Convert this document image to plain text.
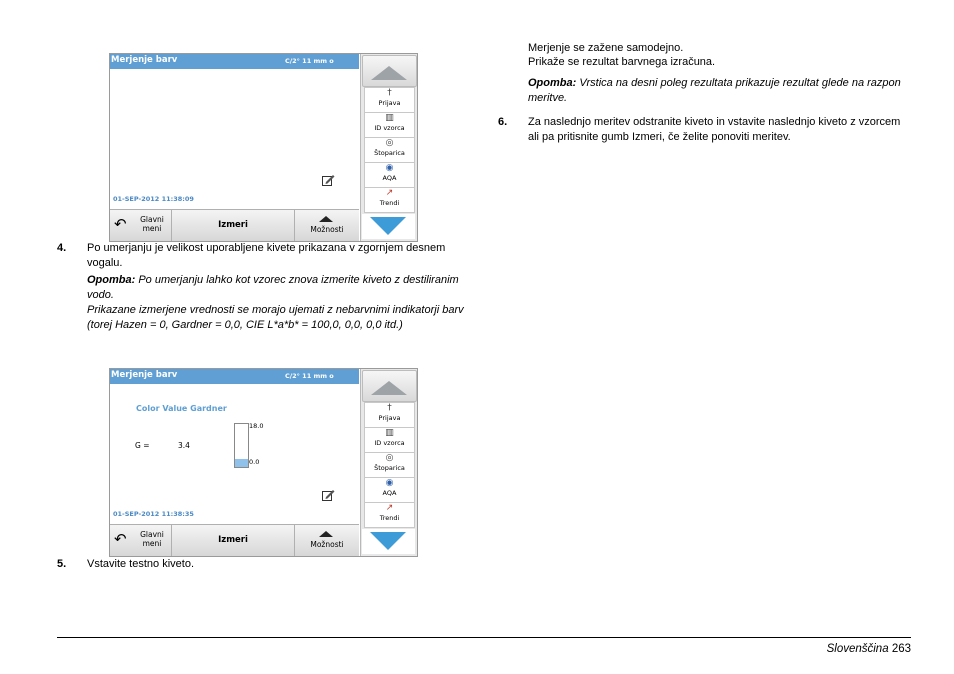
Merjenje barv	C/2° 11 mm o
01-SEP-2012 11:38:09
↶	Glavni meni	Izmeri	Možnosti
†
Prijava
▥
ID vzorca
◎
Štoparica
◉
AQA
↗
Trendi
4. Po umerjanju je velikost uporabljene kivete prikazana v zgornjem desnem vogalu.
Opomba: Po umerjanju lahko kot vzorec znova izmerite kiveto z destiliranim vodo.
Prikazane izmerjene vrednosti se morajo ujemati z nebarvnimi indikatorji barv (torej Hazen = 0, Gardner = 0,0, CIE L*a*b* = 100,0, 0,0, 0,0 itd.)
Merjenje barv	C/2° 11 mm o
Color Value Gardner
G =	3.4
18.0
0.0
01-SEP-2012 11:38:35
↶	Glavni meni	Izmeri	Možnosti
†
Prijava
▥
ID vzorca
◎
Štoparica
◉
AQA
↗
Trendi
5. Vstavite testno kiveto.
Merjenje se zažene samodejno.
Prikaže se rezultat barvnega izračuna.
Opomba: Vrstica na desni poleg rezultata prikazuje rezultat glede na razpon meritve.
6. Za naslednjo meritev odstranite kiveto in vstavite naslednjo kiveto z vzorcem ali pa pritisnite gumb Izmeri, če želite ponoviti meritev.
Slovenščina 263
